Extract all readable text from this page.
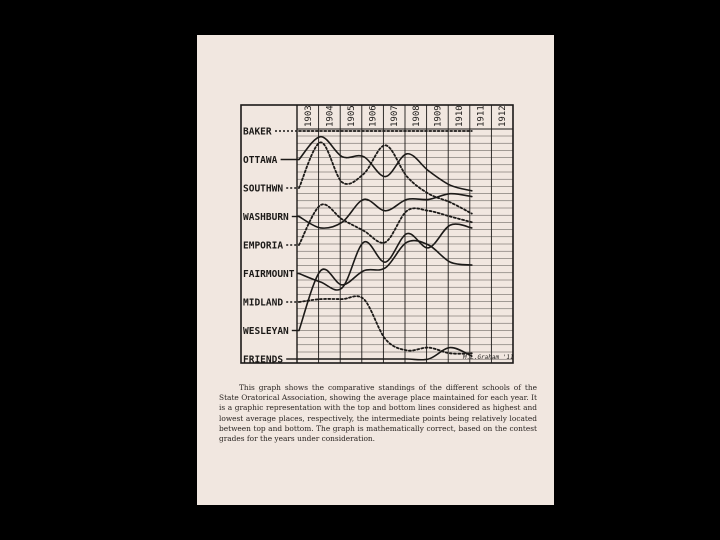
1903 1904 1905 1906 1907 1908 1909 1910 1911 1912
BAKER
OTTAWA
SOUTHWN
WASHBURN
EMPORIA
FAIRMOUNT
MIDLAND
WESLEYAN
FRIENDS	M.L.Graham '11

This graph shows the comparative standings of the different schools of the State Oratorical Association, showing the average place maintained for each year. It is a graphic representation with the top and bottom lines considered as highest and lowest average places, respectively, the intermediate points being relatively located between top and bottom. The graph is mathematically correct, based on the contest grades for the years under consideration.
